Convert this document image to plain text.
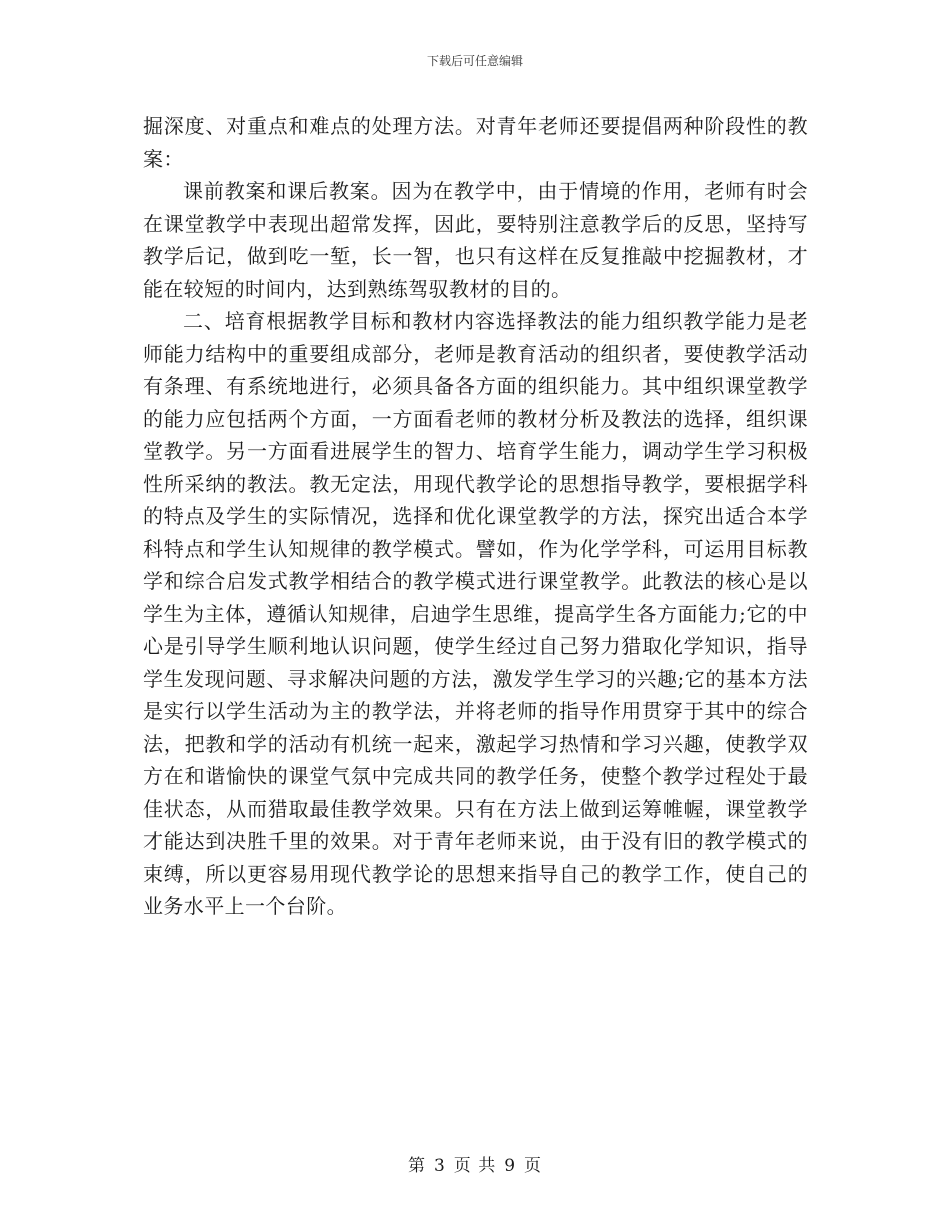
下载后可任意编辑

掘深度、对重点和难点的处理方法。对青年老师还要提倡两种阶段性的教案：

课前教案和课后教案。因为在教学中，由于情境的作用，老师有时会在课堂教学中表现出超常发挥，因此，要特别注意教学后的反思，坚持写教学后记，做到吃一堑，长一智，也只有这样在反复推敲中挖掘教材，才能在较短的时间内，达到熟练驾驭教材的目的。

二、培育根据教学目标和教材内容选择教法的能力组织教学能力是老师能力结构中的重要组成部分，老师是教育活动的组织者，要使教学活动有条理、有系统地进行，必须具备各方面的组织能力。其中组织课堂教学的能力应包括两个方面，一方面看老师的教材分析及教法的选择，组织课堂教学。另一方面看进展学生的智力、培育学生能力，调动学生学习积极性所采纳的教法。教无定法，用现代教学论的思想指导教学，要根据学科的特点及学生的实际情况，选择和优化课堂教学的方法，探究出适合本学科特点和学生认知规律的教学模式。譬如，作为化学学科，可运用目标教学和综合启发式教学相结合的教学模式进行课堂教学。此教法的核心是以学生为主体，遵循认知规律，启迪学生思维，提高学生各方面能力;它的中心是引导学生顺利地认识问题，使学生经过自己努力猎取化学知识，指导学生发现问题、寻求解决问题的方法，激发学生学习的兴趣;它的基本方法是实行以学生活动为主的教学法，并将老师的指导作用贯穿于其中的综合法，把教和学的活动有机统一起来，激起学习热情和学习兴趣，使教学双方在和谐愉快的课堂气氛中完成共同的教学任务，使整个教学过程处于最佳状态，从而猎取最佳教学效果。只有在方法上做到运筹帷幄，课堂教学才能达到决胜千里的效果。对于青年老师来说，由于没有旧的教学模式的束缚，所以更容易用现代教学论的思想来指导自己的教学工作，使自己的业务水平上一个台阶。

第 3 页 共 9 页
